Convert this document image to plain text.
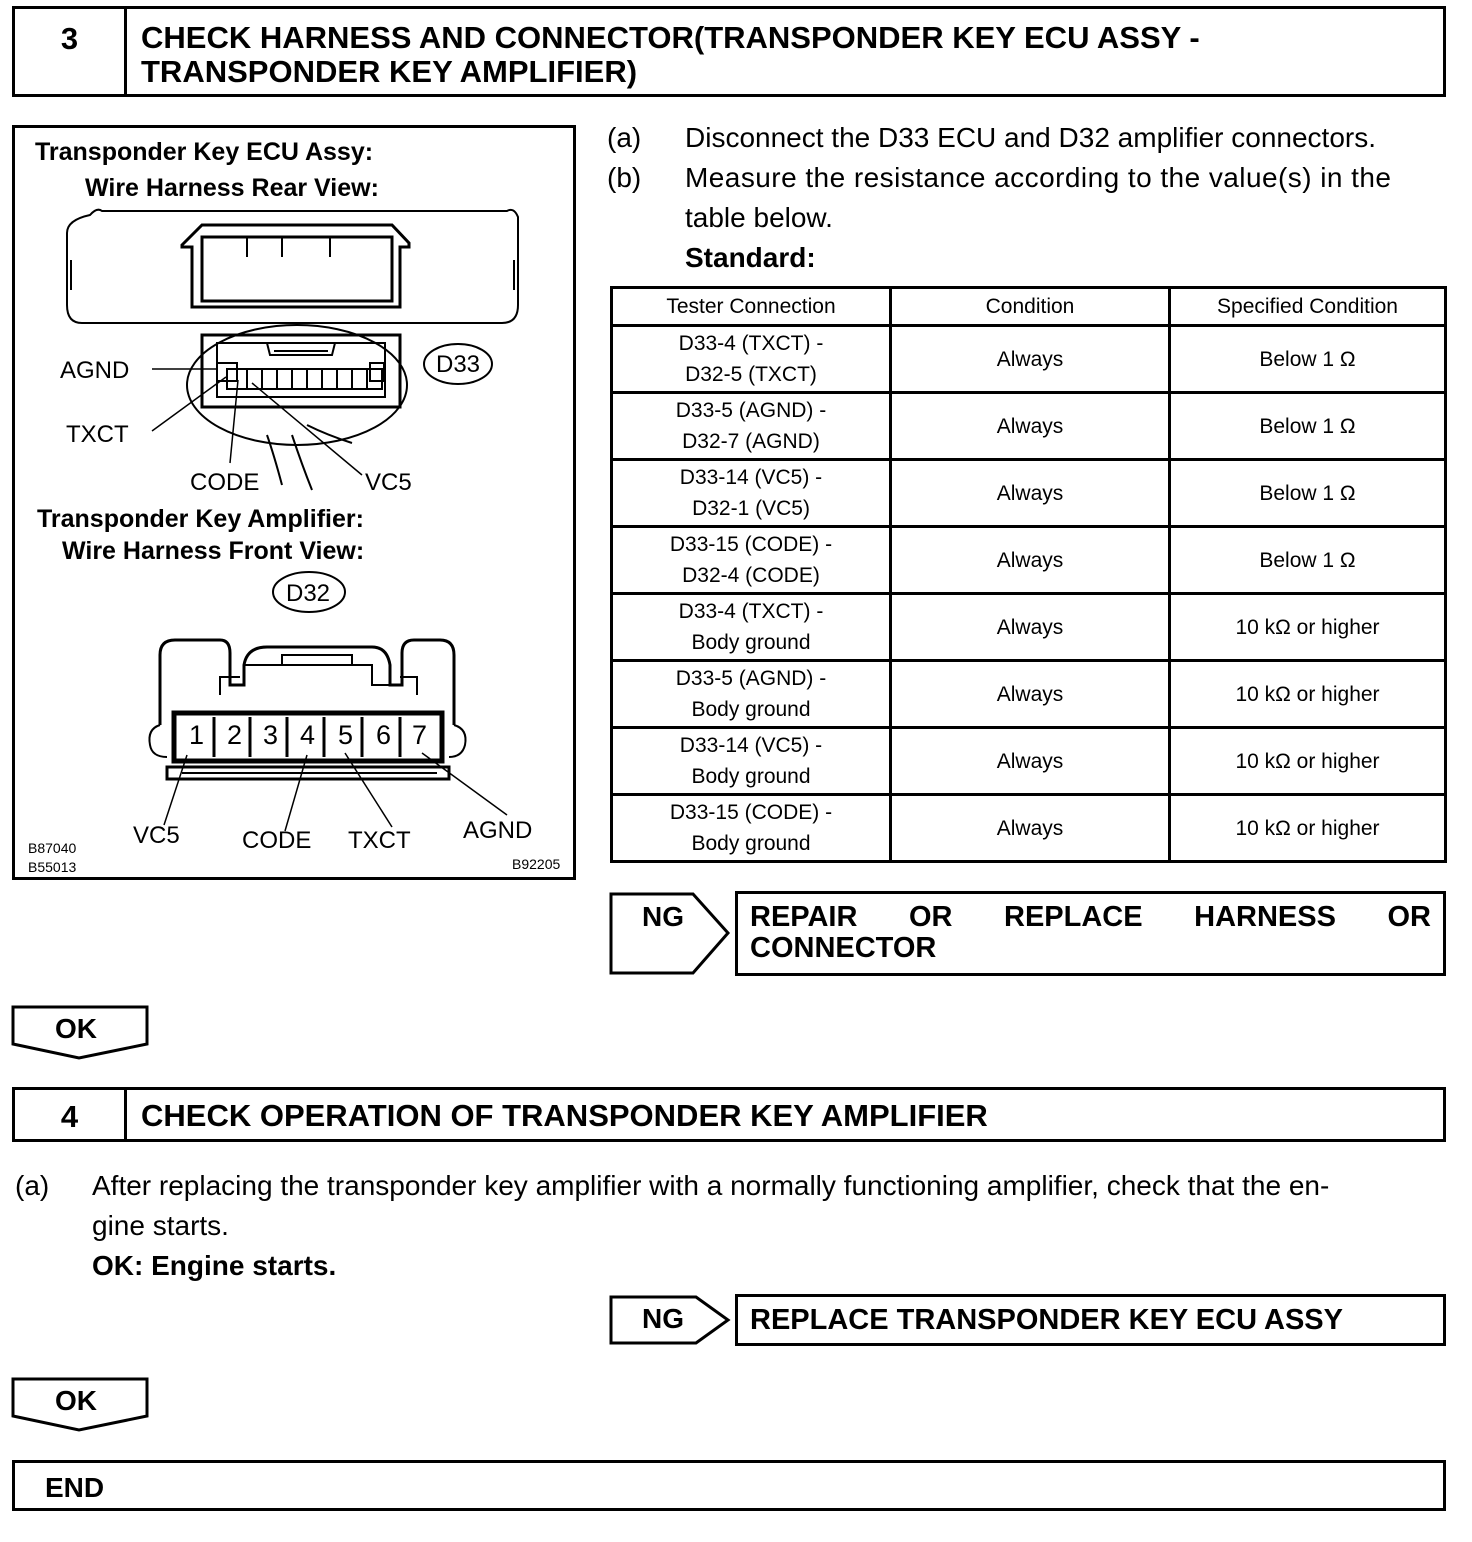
3	CHECK HARNESS AND CONNECTOR(TRANSPONDER KEY ECU ASSY -
TRANSPONDER KEY AMPLIFIER)
Transponder Key ECU Assy:
Wire Harness Rear View:
D33
AGND
TXCT
CODE	VC5
Transponder Key Amplifier:
Wire Harness Front View:
D32
1 2 3 4 5 6 7
VC5	CODE TXCT AGND
B87040
B55013	B92205
(a) Disconnect the D33 ECU and D32 amplifier connectors.
(b) Measure the resistance according to the value(s) in the
table below.
Standard:
Tester Connection	Condition	Specified Condition

D33-4 (TXCT) -
D32-5 (TXCT)	Always	Below 1 Ω

D33-5 (AGND) -
D32-7 (AGND)	Always	Below 1 Ω

D33-14 (VC5) -
D32-1 (VC5)	Always	Below 1 Ω

D33-15 (CODE) -
D32-4 (CODE)	Always	Below 1 Ω

D33-4 (TXCT) -
Body ground	Always	10 kΩ or higher

D33-5 (AGND) -
Body ground	Always	10 kΩ or higher

D33-14 (VC5) -
Body ground	Always	10 kΩ or higher

D33-15 (CODE) -
Body ground	Always	10 kΩ or higher
NG REPAIR OR REPLACE HARNESS OR
CONNECTOR
OK
4	CHECK OPERATION OF TRANSPONDER KEY AMPLIFIER
(a) After replacing the transponder key amplifier with a normally functioning amplifier, check that the en-
gine starts.
OK: Engine starts.
NG	REPLACE TRANSPONDER KEY ECU ASSY
OK
END
